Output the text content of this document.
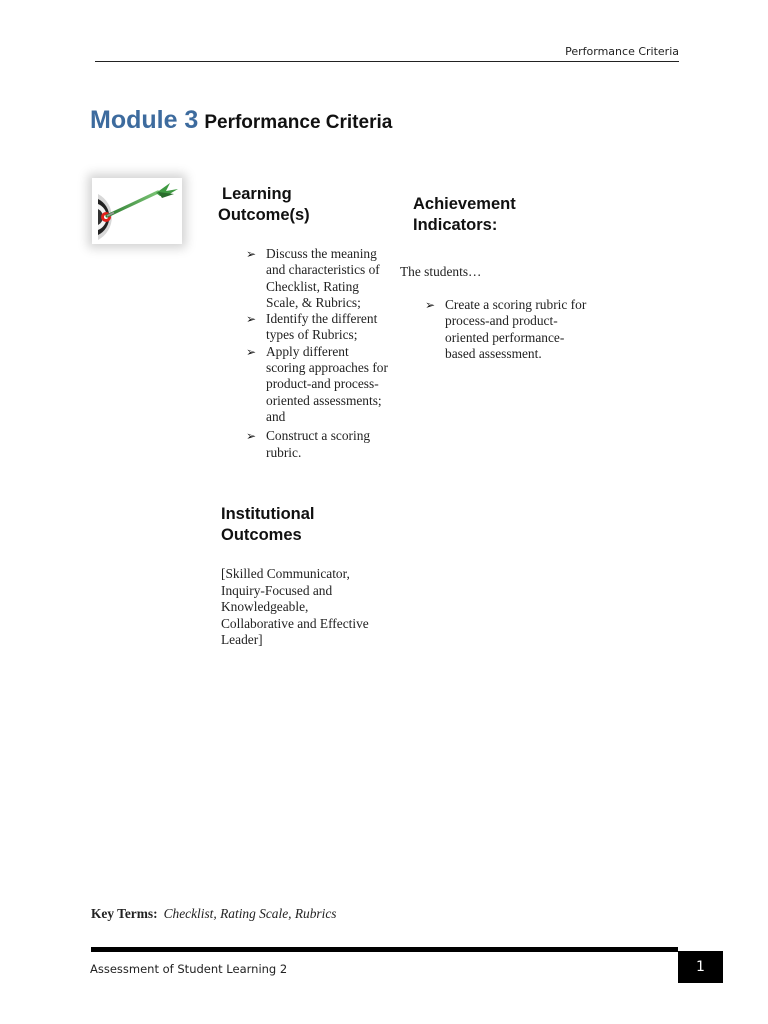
Performance Criteria
Module 3 Performance Criteria
Learning Outcome(s)
➢ Discuss the meaning and characteristics of Checklist, Rating Scale, & Rubrics;
➢ Identify the different types of Rubrics;
➢ Apply different scoring approaches for product-and process-oriented assessments; and
➢ Construct a scoring rubric.
Achievement Indicators:
The students…
➢ Create a scoring rubric for process-and product-oriented performance-based assessment.
Institutional Outcomes
[Skilled Communicator, Inquiry-Focused and Knowledgeable, Collaborative and Effective Leader]
Key Terms: Checklist, Rating Scale, Rubrics
Assessment of Student Learning 2	1
